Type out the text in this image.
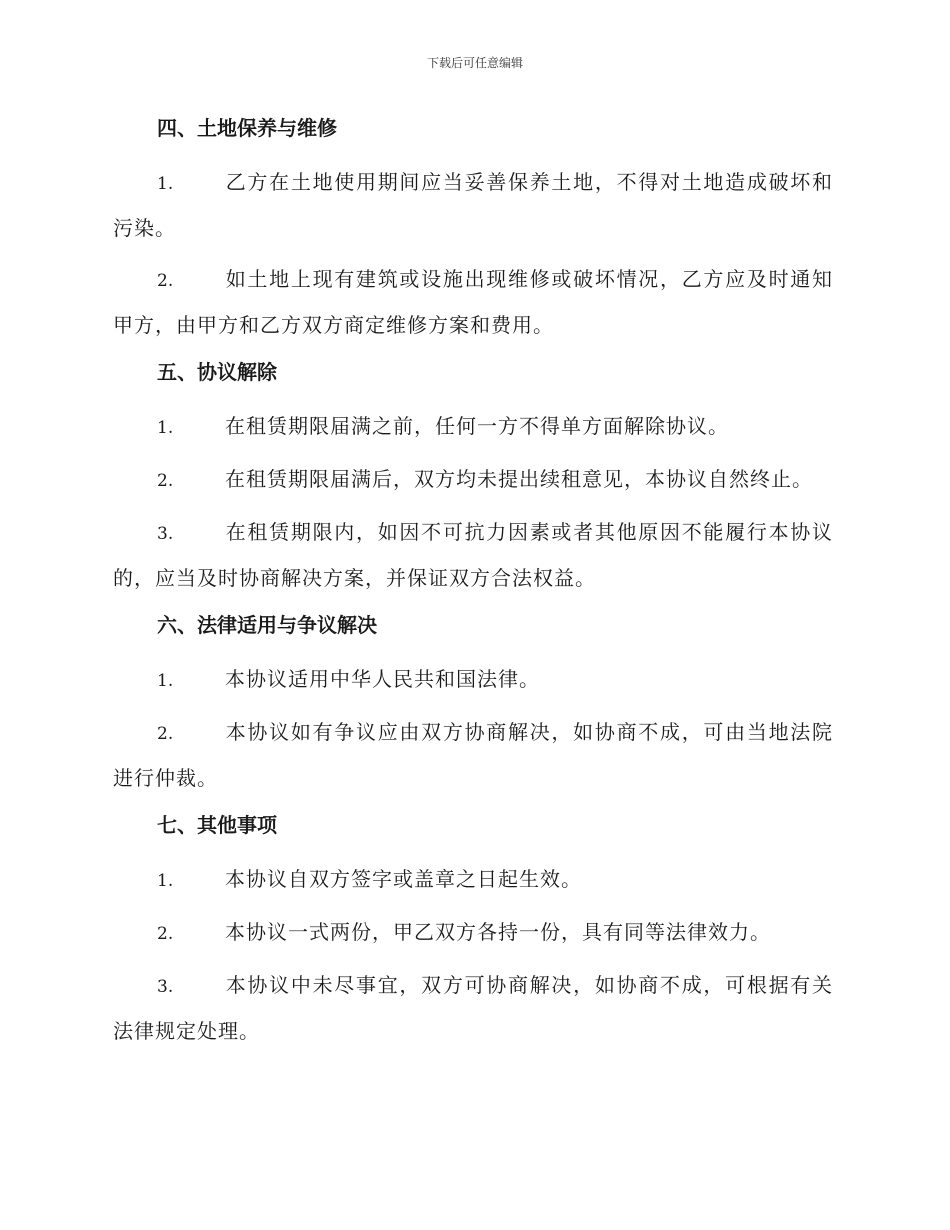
下载后可任意编辑
四、土地保养与维修

1.	乙方在土地使用期间应当妥善保养土地，不得对土地造成破坏和污染。

2.	如土地上现有建筑或设施出现维修或破坏情况，乙方应及时通知甲方，由甲方和乙方双方商定维修方案和费用。

五、协议解除

1.	在租赁期限届满之前，任何一方不得单方面解除协议。

2.	在租赁期限届满后，双方均未提出续租意见，本协议自然终止。

3.	在租赁期限内，如因不可抗力因素或者其他原因不能履行本协议的，应当及时协商解决方案，并保证双方合法权益。

六、法律适用与争议解决

1.	本协议适用中华人民共和国法律。

2.	本协议如有争议应由双方协商解决，如协商不成，可由当地法院进行仲裁。

七、其他事项

1.	本协议自双方签字或盖章之日起生效。

2.	本协议一式两份，甲乙双方各持一份，具有同等法律效力。

3.	本协议中未尽事宜，双方可协商解决，如协商不成，可根据有关法律规定处理。
